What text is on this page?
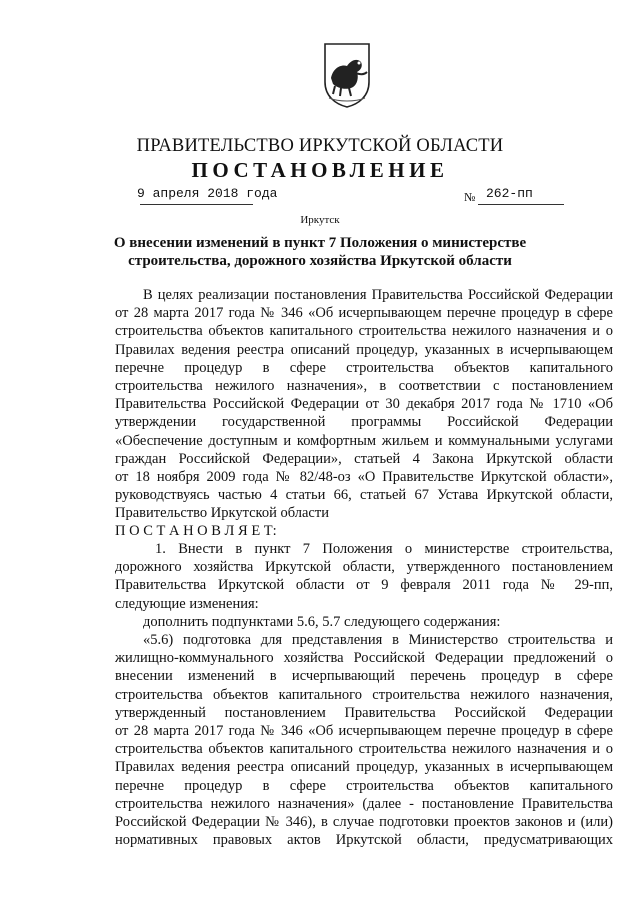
ПРАВИТЕЛЬСТВО ИРКУТСКОЙ ОБЛАСТИ
ПОСТАНОВЛЕНИЕ
9 апреля 2018 года	№ 262-пп
Иркутск
О внесении изменений в пункт 7 Положения о министерстве
строительства, дорожного хозяйства Иркутской области

В целях реализации постановления Правительства Российской Федерации

от 28 марта 2017 года № 346 «Об исчерпывающем перечне процедур в сфере

строительства объектов капитального строительства нежилого назначения и о

Правилах ведения реестра описаний процедур, указанных в исчерпывающем

перечне процедур в сфере строительства объектов капитального

строительства нежилого назначения», в соответствии с постановлением

Правительства Российской Федерации от 30 декабря 2017 года № 1710 «Об

утверждении государственной программы Российской Федерации

«Обеспечение доступным и комфортным жильем и коммунальными услугами

граждан Российской Федерации», статьей 4 Закона Иркутской области

от 18 ноября 2009 года № 82/48-оз «О Правительстве Иркутской области»,

руководствуясь частью 4 статьи 66, статьей 67 Устава Иркутской области,

Правительство Иркутской области

П О С Т А Н О В Л Я Е Т:

1. Внести в пункт 7 Положения о министерстве строительства,

дорожного хозяйства Иркутской области, утвержденного постановлением

Правительства Иркутской области от 9 февраля 2011 года № 29-пп,

следующие изменения:

дополнить подпунктами 5.6, 5.7 следующего содержания:

«5.6) подготовка для представления в Министерство строительства и

жилищно-коммунального хозяйства Российской Федерации предложений о

внесении изменений в исчерпывающий перечень процедур в сфере

строительства объектов капитального строительства нежилого назначения,

утвержденный постановлением Правительства Российской Федерации

от 28 марта 2017 года № 346 «Об исчерпывающем перечне процедур в сфере

строительства объектов капитального строительства нежилого назначения и о

Правилах ведения реестра описаний процедур, указанных в исчерпывающем

перечне процедур в сфере строительства объектов капитального

строительства нежилого назначения» (далее - постановление Правительства

Российской Федерации № 346), в случае подготовки проектов законов и (или)

нормативных правовых актов Иркутской области, предусматривающих
